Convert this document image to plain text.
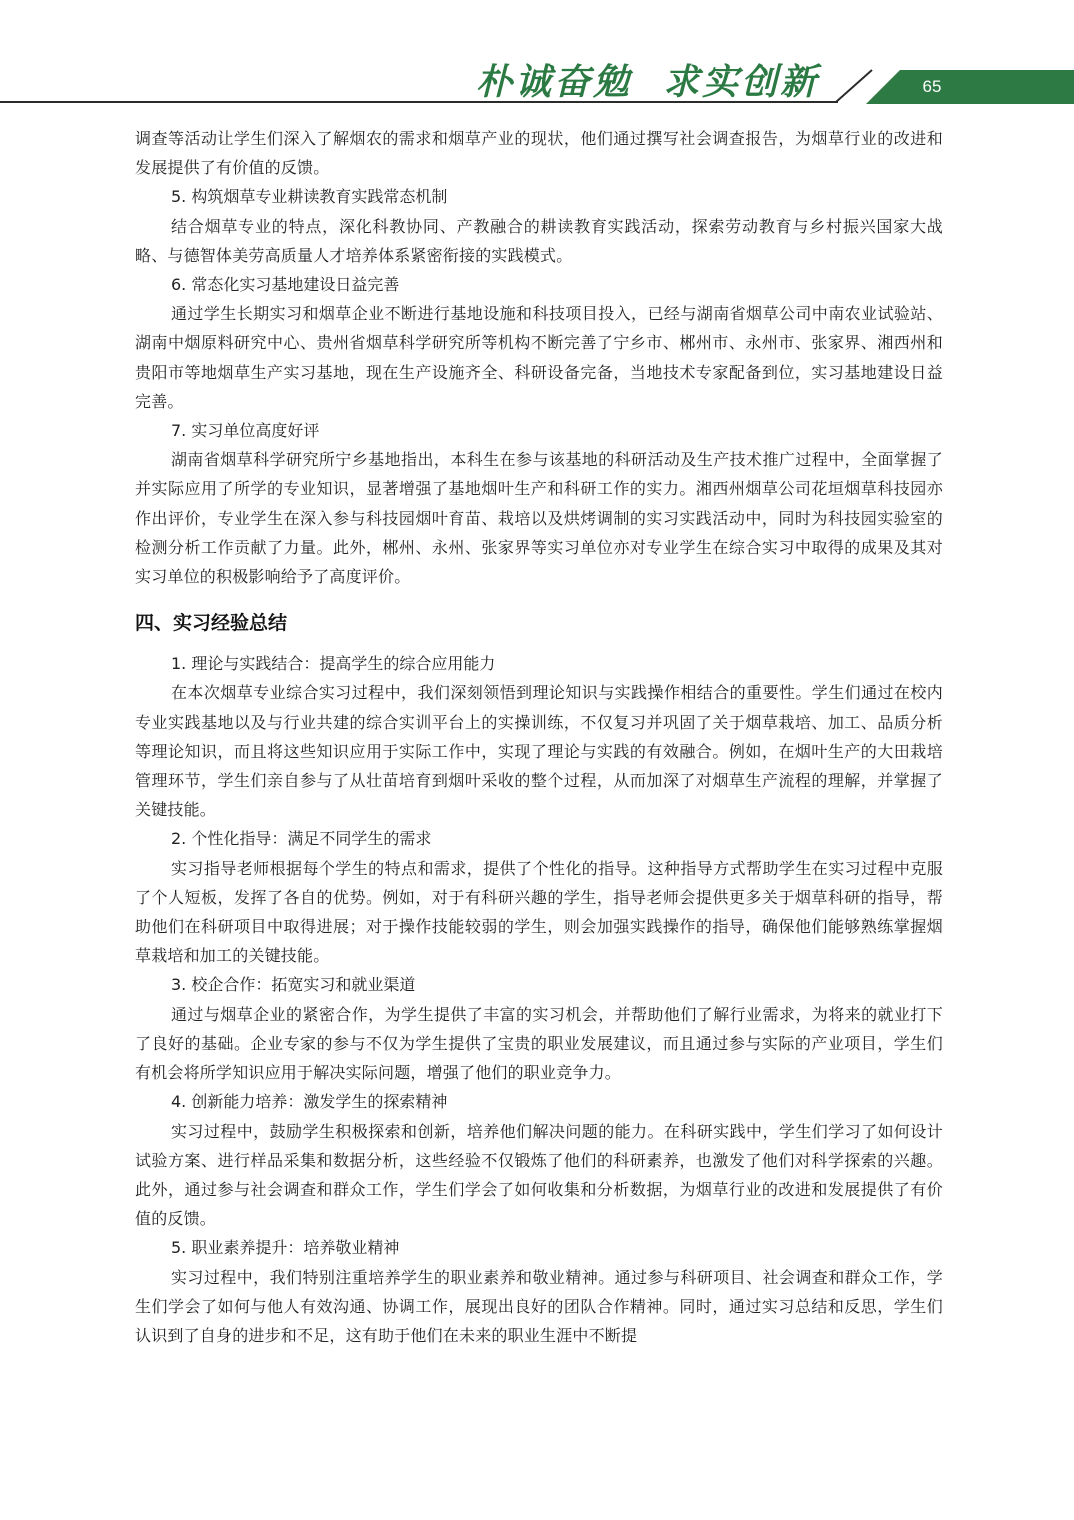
朴诚奋勉  求实创新	65

调查等活动让学生们深入了解烟农的需求和烟草产业的现状，他们通过撰写社会调查报告，为烟草行业的改进和发展提供了有价值的反馈。

5. 构筑烟草专业耕读教育实践常态机制

结合烟草专业的特点，深化科教协同、产教融合的耕读教育实践活动，探索劳动教育与乡村振兴国家大战略、与德智体美劳高质量人才培养体系紧密衔接的实践模式。

6. 常态化实习基地建设日益完善

通过学生长期实习和烟草企业不断进行基地设施和科技项目投入，已经与湖南省烟草公司中南农业试验站、湖南中烟原料研究中心、贵州省烟草科学研究所等机构不断完善了宁乡市、郴州市、永州市、张家界、湘西州和贵阳市等地烟草生产实习基地，现在生产设施齐全、科研设备完备，当地技术专家配备到位，实习基地建设日益完善。

7. 实习单位高度好评

湖南省烟草科学研究所宁乡基地指出，本科生在参与该基地的科研活动及生产技术推广过程中，全面掌握了并实际应用了所学的专业知识，显著增强了基地烟叶生产和科研工作的实力。湘西州烟草公司花垣烟草科技园亦作出评价，专业学生在深入参与科技园烟叶育苗、栽培以及烘烤调制的实习实践活动中，同时为科技园实验室的检测分析工作贡献了力量。此外，郴州、永州、张家界等实习单位亦对专业学生在综合实习中取得的成果及其对实习单位的积极影响给予了高度评价。

四、实习经验总结

1. 理论与实践结合：提高学生的综合应用能力

在本次烟草专业综合实习过程中，我们深刻领悟到理论知识与实践操作相结合的重要性。学生们通过在校内专业实践基地以及与行业共建的综合实训平台上的实操训练，不仅复习并巩固了关于烟草栽培、加工、品质分析等理论知识，而且将这些知识应用于实际工作中，实现了理论与实践的有效融合。例如，在烟叶生产的大田栽培管理环节，学生们亲自参与了从壮苗培育到烟叶采收的整个过程，从而加深了对烟草生产流程的理解，并掌握了关键技能。

2. 个性化指导：满足不同学生的需求

实习指导老师根据每个学生的特点和需求，提供了个性化的指导。这种指导方式帮助学生在实习过程中克服了个人短板，发挥了各自的优势。例如，对于有科研兴趣的学生，指导老师会提供更多关于烟草科研的指导，帮助他们在科研项目中取得进展；对于操作技能较弱的学生，则会加强实践操作的指导，确保他们能够熟练掌握烟草栽培和加工的关键技能。

3. 校企合作：拓宽实习和就业渠道

通过与烟草企业的紧密合作，为学生提供了丰富的实习机会，并帮助他们了解行业需求，为将来的就业打下了良好的基础。企业专家的参与不仅为学生提供了宝贵的职业发展建议，而且通过参与实际的产业项目，学生们有机会将所学知识应用于解决实际问题，增强了他们的职业竞争力。

4. 创新能力培养：激发学生的探索精神

实习过程中，鼓励学生积极探索和创新，培养他们解决问题的能力。在科研实践中，学生们学习了如何设计试验方案、进行样品采集和数据分析，这些经验不仅锻炼了他们的科研素养，也激发了他们对科学探索的兴趣。此外，通过参与社会调查和群众工作，学生们学会了如何收集和分析数据，为烟草行业的改进和发展提供了有价值的反馈。

5. 职业素养提升：培养敬业精神

实习过程中，我们特别注重培养学生的职业素养和敬业精神。通过参与科研项目、社会调查和群众工作，学生们学会了如何与他人有效沟通、协调工作，展现出良好的团队合作精神。同时，通过实习总结和反思，学生们认识到了自身的进步和不足，这有助于他们在未来的职业生涯中不断提
